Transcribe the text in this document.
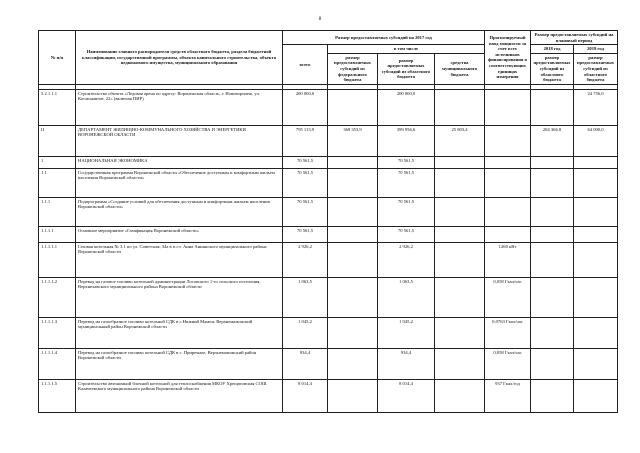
8
№ п/п	Наименование главного распорядителя средств областного бюджета, раздела бюджетной классификации, государственной программы, объекта капитального строительства, объекта недвижимого имущества, муниципального образования	Размер предоставляемых субсидий на 2017 год				Прогнозируемый ввод мощности за счет всех источников финансирования в соответствующих единицах измерения	Размер предоставляемых субсидий на плановый период	
		всего	в том числе				2018 год	2019 год
			размер предоставляемых субсидий из федерального бюджета	размер предоставляемых субсидий из областного бюджета	средства муниципального бюджета		размер предоставляемых субсидий из областного бюджета	размер предоставляемых субсидий из областного бюджета

5.2.1.1.1	Строительство объекта «Ледовая арена по адресу: Воронежская область, г. Нововоронеж, ул. Космонавтов, 22» (включая ПИР)	200 000,0		200 000,0				24 756,0
II	ДЕПАРТАМЕНТ ЖИЛИЩНО-КОММУНАЛЬНОГО ХОЗЯЙСТВА И ЭНЕРГЕТИКИ ВОРОНЕЖСКОЙ ОБЛАСТИ	795 113,9	369 353,9	399 956,6	25 803,4		204 366,8	64 000,0
1	НАЦИОНАЛЬНАЯ ЭКОНОМИКА	70 561,5		70 561,5				
1.1	Государственная программа Воронежской области «Обеспечение доступным и комфортным жильем населения Воронежской области»	70 561,5		70 561,5				
1.1.1	Подпрограмма «Создание условий для обеспечения доступным и комфортным жильем населения Воронежской области»	70 561,5		70 561,5				
1.1.1.1	Основное мероприятие «Газификация Воронежской области»	70 561,5		70 561,5				
1.1.1.1.1	Газовая котельная № 3.1 по ул. Советская, 34а в п.г.т. Анна Аннинского муниципального района Воронежской области	2 926,2		2 926,2		1260 кВт		
1.1.1.1.2	Перевод на газовое топливо котельной администрации Лосовского 1-го сельского поселения, Верхнехавского муниципального района Воронежской области	1 063,5		1 063,5		0,058 Гкал/час		
1.1.1.1.3	Перевод на газообразное топливо котельной СДК в с.Нижний Мамон, Верхнемамонский муниципальный район Воронежской области	1 045,2		1 045,2		0,0763 Гкал/час		
1.1.1.1.4	Перевод на газообразное топливо котельной СДК в с. Приречное, Верхнемамонский район Воронежской области	934,4		934,4		0,058 Гкал/час		
1.1.1.1.5	Строительство автономной блочной котельной для теплоснабжения МКОУ Хрещатовская СОШ Калачеевского муниципального района Воронежской области	8 014,4		8 014,4		937 Гкал/год		
